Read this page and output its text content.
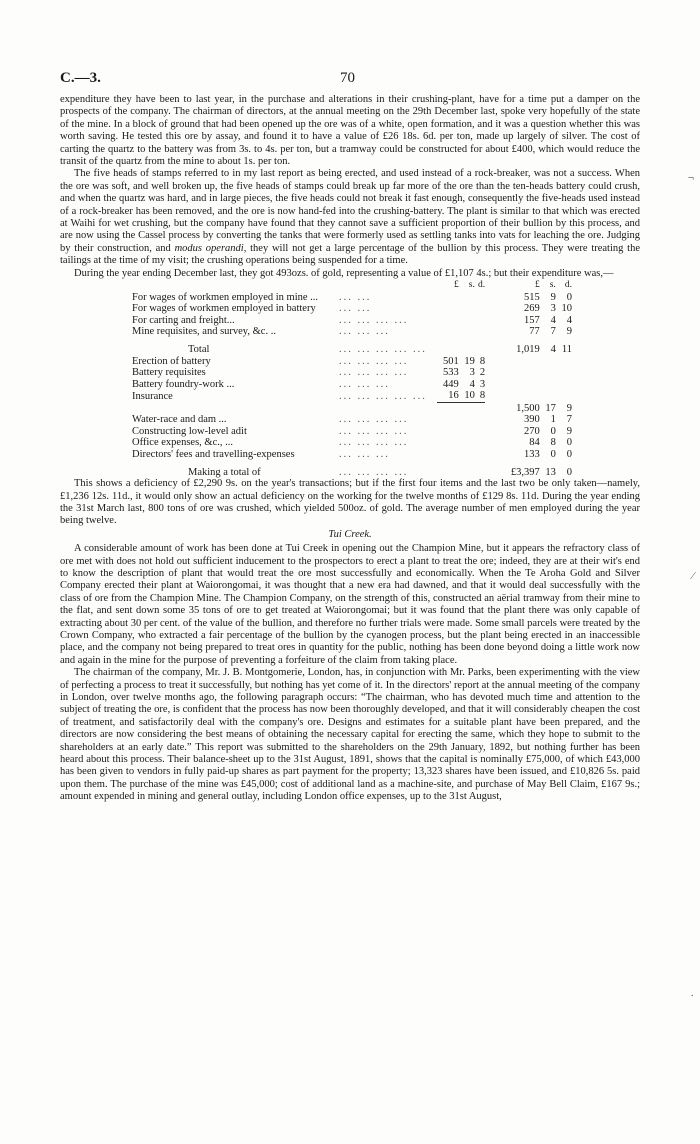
C.—3.	70

expenditure they have been to last year, in the purchase and alterations in their crushing-plant, have for a time put a damper on the prospects of the company. The chairman of directors, at the annual meeting on the 29th December last, spoke very hopefully of the state of the mine. In a block of ground that had been opened up the ore was of a white, open formation, and it was a question whether this was worth saving. He tested this ore by assay, and found it to have a value of £26 18s. 6d. per ton, made up largely of silver. The cost of carting the quartz to the battery was from 3s. to 4s. per ton, but a tramway could be constructed for about £400, which would reduce the transit of the quartz from the mine to about 1s. per ton.

The five heads of stamps referred to in my last report as being erected, and used instead of a rock-breaker, was not a success. When the ore was soft, and well broken up, the five heads of stamps could break up far more of the ore than the ten-heads battery could crush, and when the quartz was hard, and in large pieces, the five heads could not break it fast enough, consequently the five-heads used instead of a rock-breaker has been removed, and the ore is now hand-fed into the crushing-battery. The plant is similar to that which was erected at Waihi for wet crushing, but the company have found that they cannot save a sufficient proportion of their bullion by this process, and are now using the Cassel process by converting the tanks that were formerly used as settling tanks into vats for leaching the ore. Judging by their construction, and modus operandi, they will not get a large percentage of the bullion by this process. They were treating the tailings at the time of my visit; the crushing operations being suspended for a time.

During the year ending December last, they got 493ozs. of gold, representing a value of £1,107 4s.; but their expenditure was,—

		£	s.	d.		£	s.	d.
For wages of workmen employed in mine ...	... ...					515	9	0
For wages of workmen employed in battery	... ...					269	3	10
For carting and freight...	... ... ... ...					157	4	4
Mine requisites, and survey, &c. ..	... ... ...					77	7	9

Total	... ... ... ... ...					1,019	4	11
Erection of battery	... ... ... ...	501	19	8				
Battery requisites	... ... ... ...	533	3	2				
Battery foundry-work ...	... ... ...	449	4	3				
Insurance	... ... ... ... ...	16	10	8				
						1,500	17	9
Water-race and dam ...	... ... ... ...					390	1	7
Constructing low-level adit	... ... ... ...					270	0	9
Office expenses, &c., ...	... ... ... ...					84	8	0
Directors' fees and travelling-expenses	... ... ...					133	0	0

Making a total of	... ... ... ...					£3,397	13	0

This shows a deficiency of £2,290 9s. on the year's transactions; but if the first four items and the last two be only taken—namely, £1,236 12s. 11d., it would only show an actual deficiency on the working for the twelve months of £129 8s. 11d. During the year ending the 31st March last, 800 tons of ore was crushed, which yielded 500oz. of gold. The average number of men employed during the year being twelve.

Tui Creek.

A considerable amount of work has been done at Tui Creek in opening out the Champion Mine, but it appears the refractory class of ore met with does not hold out sufficient inducement to the prospectors to erect a plant to treat the ore; indeed, they are at their wit's end to know the description of plant that would treat the ore most successfully and economically. When the Te Aroha Gold and Silver Company erected their plant at Waiorongomai, it was thought that a new era had dawned, and that it would deal successfully with the class of ore from the Champion Mine. The Champion Company, on the strength of this, constructed an aërial tramway from their mine to the flat, and sent down some 35 tons of ore to get treated at Waiorongomai; but it was found that the plant there was only capable of extracting about 30 per cent. of the value of the bullion, and therefore no further trials were made. Some small parcels were treated by the Crown Company, who extracted a fair percentage of the bullion by the cyanogen process, but the plant being erected in an inaccessible place, and the company not being prepared to treat ores in quantity for the public, nothing has been done beyond doing a little work now and again in the mine for the purpose of preventing a forfeiture of the claim from taking place.

The chairman of the company, Mr. J. B. Montgomerie, London, has, in conjunction with Mr. Parks, been experimenting with the view of perfecting a process to treat it successfully, but nothing has yet come of it. In the directors' report at the annual meeting of the company in London, over twelve months ago, the following paragraph occurs: “The chairman, who has devoted much time and attention to the subject of treating the ore, is confident that the process has now been thoroughly developed, and that it will considerably cheapen the cost of treatment, and satisfactorily deal with the company's ore. Designs and estimates for a suitable plant have been prepared, and the directors are now considering the best means of obtaining the necessary capital for erecting the same, which they hope to submit to the shareholders at an early date.” This report was submitted to the shareholders on the 29th January, 1892, but nothing further has been heard about this process. Their balance-sheet up to the 31st August, 1891, shows that the capital is nominally £75,000, of which £43,000 has been given to vendors in fully paid-up shares as part payment for the property; 13,323 shares have been issued, and £10,826 5s. paid upon them. The purchase of the mine was £45,000; cost of additional land as a machine-site, and purchase of May Bell Claim, £167 9s.; amount expended in mining and general outlay, including London office expenses, up to the 31st August,

¬
⁄
·
